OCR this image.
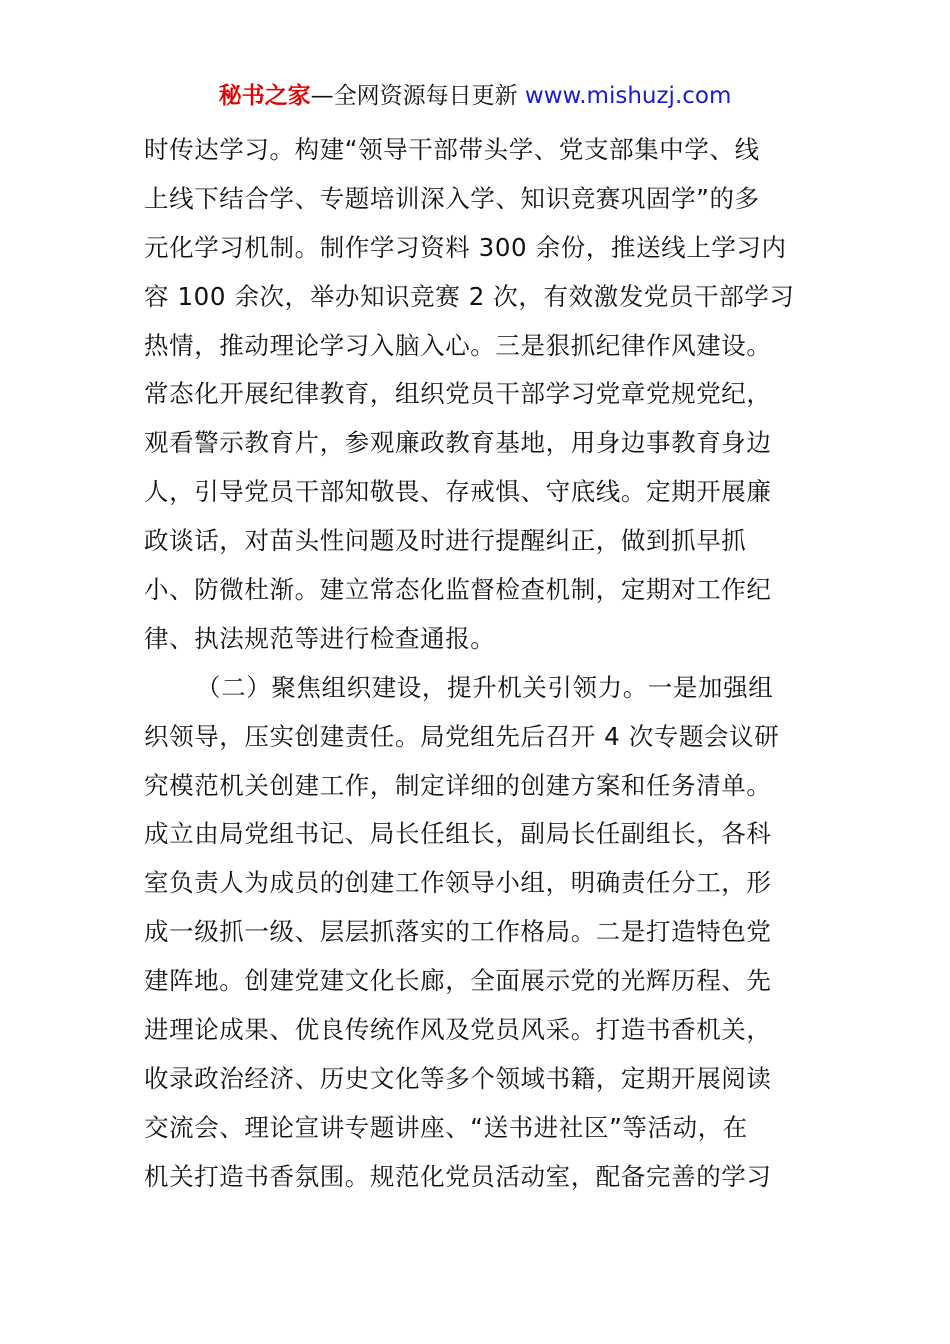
秘书之家—全网资源每日更新 www.mishuzj.com
时传达学习。构建“领导干部带头学、党支部集中学、线
上线下结合学、专题培训深入学、知识竞赛巩固学”的多
元化学习机制。制作学习资料 300 余份，推送线上学习内
容 100 余次，举办知识竞赛 2 次，有效激发党员干部学习
热情，推动理论学习入脑入心。三是狠抓纪律作风建设。
常态化开展纪律教育，组织党员干部学习党章党规党纪，
观看警示教育片，参观廉政教育基地，用身边事教育身边
人，引导党员干部知敬畏、存戒惧、守底线。定期开展廉
政谈话，对苗头性问题及时进行提醒纠正，做到抓早抓
小、防微杜渐。建立常态化监督检查机制，定期对工作纪
律、执法规范等进行检查通报。
（二）聚焦组织建设，提升机关引领力。一是加强组
织领导，压实创建责任。局党组先后召开 4 次专题会议研
究模范机关创建工作，制定详细的创建方案和任务清单。
成立由局党组书记、局长任组长，副局长任副组长，各科
室负责人为成员的创建工作领导小组，明确责任分工，形
成一级抓一级、层层抓落实的工作格局。二是打造特色党
建阵地。创建党建文化长廊，全面展示党的光辉历程、先
进理论成果、优良传统作风及党员风采。打造书香机关，
收录政治经济、历史文化等多个领域书籍，定期开展阅读
交流会、理论宣讲专题讲座、“送书进社区”等活动，在
机关打造书香氛围。规范化党员活动室，配备完善的学习
